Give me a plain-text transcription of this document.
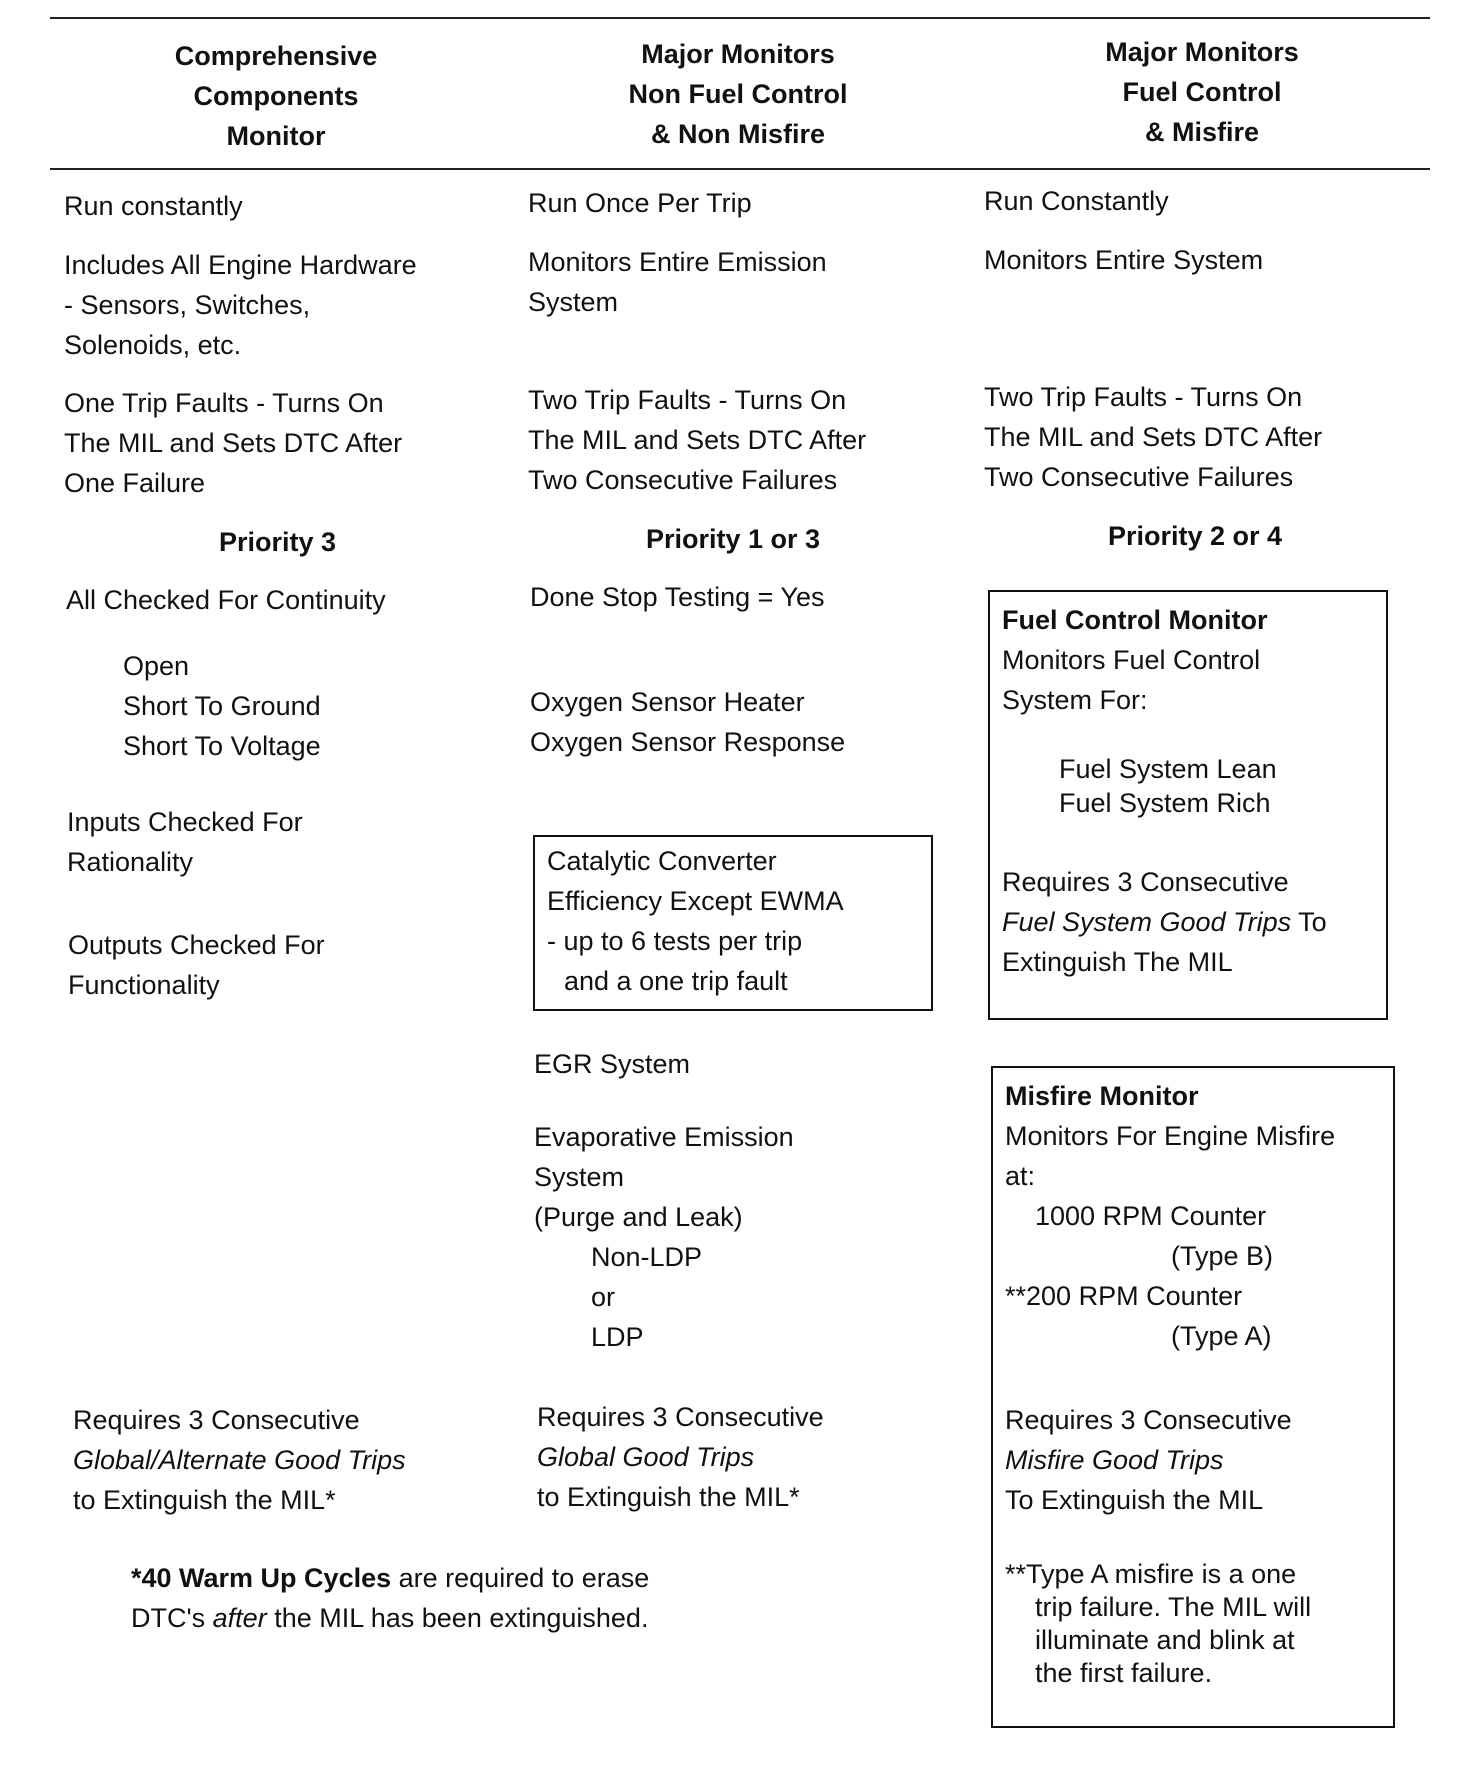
Comprehensive
Components
Monitor
Major Monitors
Non Fuel Control
& Non Misfire
Major Monitors
Fuel Control
& Misfire
Run constantly
Includes All Engine Hardware
- Sensors, Switches,
Solenoids, etc.
One Trip Faults - Turns On
The MIL and Sets DTC After
One Failure
Priority 3
All Checked For Continuity
Open
Short To Ground
Short To Voltage
Inputs Checked For
Rationality
Outputs Checked For
Functionality
Requires 3 Consecutive
Global/Alternate Good Trips
to Extinguish the MIL*
Run Once Per Trip
Monitors Entire Emission
System
Two Trip Faults - Turns On
The MIL and Sets DTC After
Two Consecutive Failures
Priority 1 or 3
Done Stop Testing = Yes
Oxygen Sensor Heater
Oxygen Sensor Response
Catalytic Converter
Efficiency Except EWMA
- up to 6 tests per trip
and a one trip fault
EGR System
Evaporative Emission
System
(Purge and Leak)
Non-LDP
or
LDP
Requires 3 Consecutive
Global Good Trips
to Extinguish the MIL*
Run Constantly
Monitors Entire System
Two Trip Faults - Turns On
The MIL and Sets DTC After
Two Consecutive Failures
Priority 2 or 4
Fuel Control Monitor
Monitors Fuel Control
System For:
Fuel System Lean
Fuel System Rich
Requires 3 Consecutive
Fuel System Good Trips To
Extinguish The MIL
Misfire Monitor
Monitors For Engine Misfire
at:
1000 RPM Counter
(Type B)
**200 RPM Counter
(Type A)
Requires 3 Consecutive
Misfire Good Trips
To Extinguish the MIL
**Type A misfire is a one
trip failure. The MIL will
illuminate and blink at
the first failure.
*40 Warm Up Cycles are required to erase
DTC's after the MIL has been extinguished.
